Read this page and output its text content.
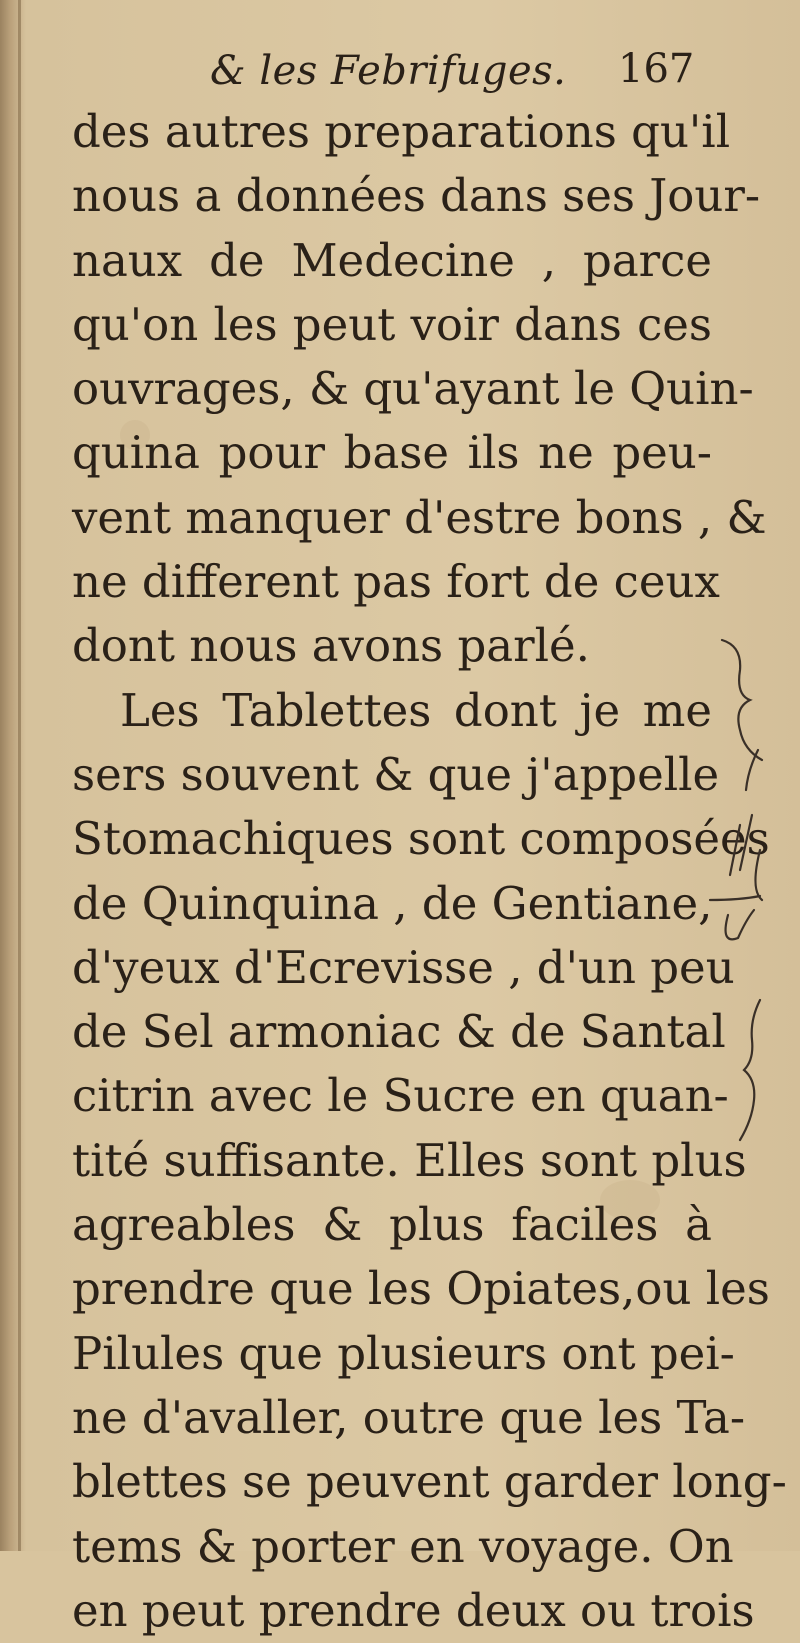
& les Febrifuges. 167
des autres preparations qu'il
nous a données dans ses Jour-
naux de Medecine , parce
qu'on les peut voir dans ces
ouvrages, & qu'ayant le Quin-
quina pour base ils ne peu-
vent manquer d'estre bons , &
ne different pas fort de ceux
dont nous avons parlé.
Les Tablettes dont je me
sers souvent & que j'appelle
Stomachiques sont composées
de Quinquina , de Gentiane,
d'yeux d'Ecrevisse , d'un peu
de Sel armoniac & de Santal
citrin avec le Sucre en quan-
tité suffisante. Elles sont plus
agreables & plus faciles à
prendre que les Opiates,ou les
Pilules que plusieurs ont pei-
ne d'avaller, outre que les Ta-
blettes se peuvent garder long-
tems & porter en voyage. On
en peut prendre deux ou trois
